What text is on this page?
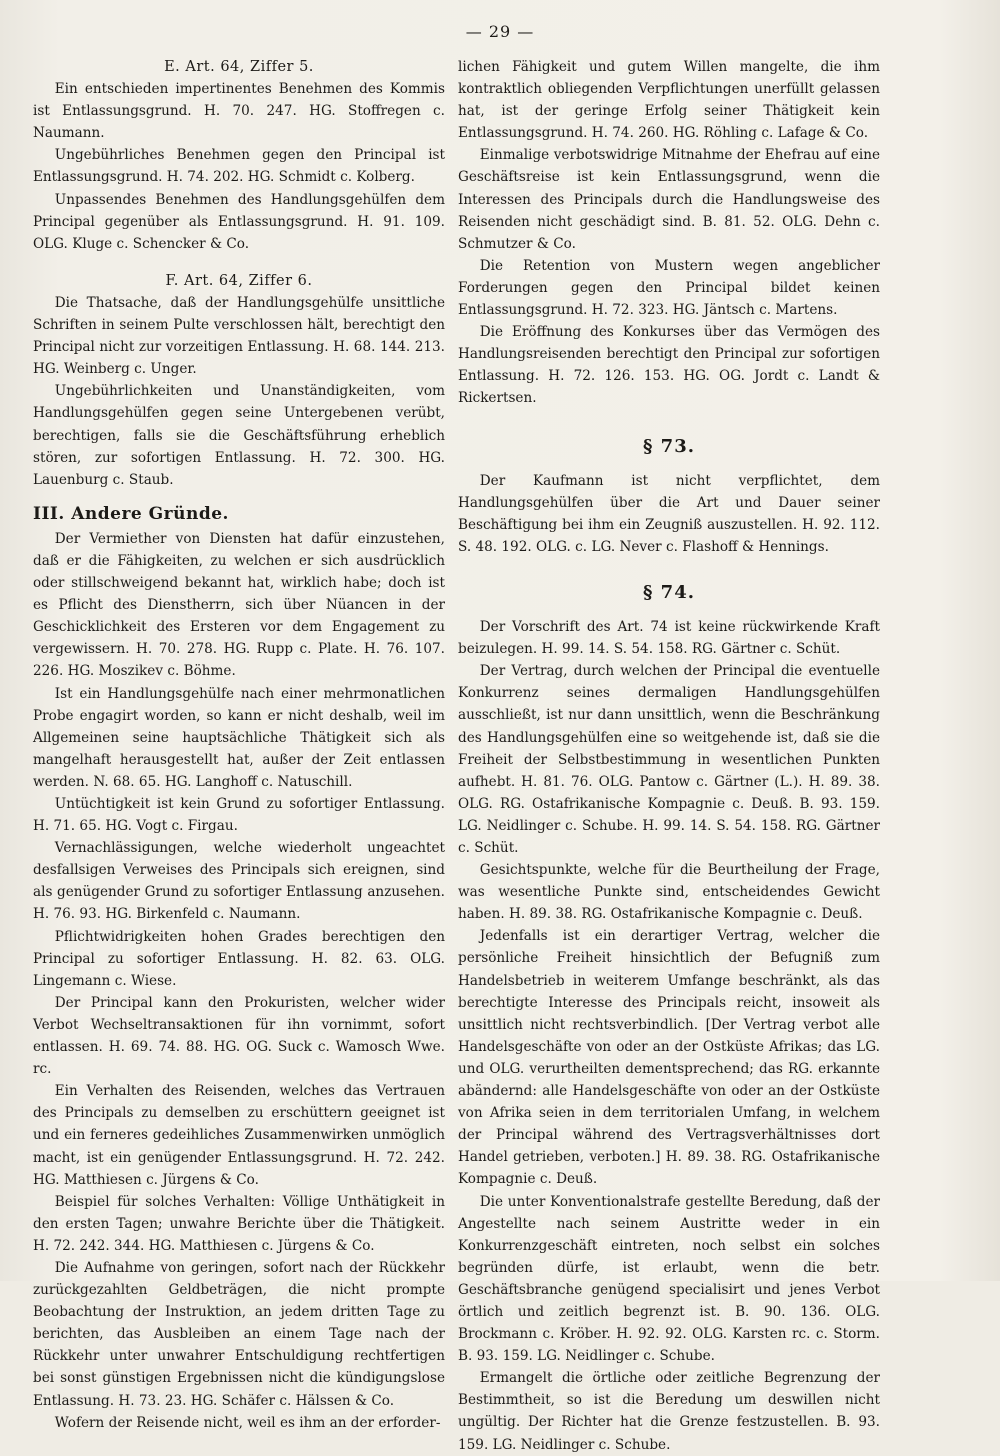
— 29 —
E. Art. 64, Ziffer 5.

Ein entschieden impertinentes Benehmen des Kommis ist Entlassungsgrund. H. 70. 247. HG. Stoffregen c. Naumann.

Ungebührliches Benehmen gegen den Principal ist Entlassungsgrund. H. 74. 202. HG. Schmidt c. Kolberg.

Unpassendes Benehmen des Handlungsgehülfen dem Principal gegenüber als Entlassungsgrund. H. 91. 109. OLG. Kluge c. Schencker & Co.

F. Art. 64, Ziffer 6.

Die Thatsache, daß der Handlungsgehülfe unsittliche Schriften in seinem Pulte verschlossen hält, berechtigt den Principal nicht zur vorzeitigen Entlassung. H. 68. 144. 213. HG. Weinberg c. Unger.

Ungebührlichkeiten und Unanständigkeiten, vom Handlungsgehülfen gegen seine Untergebenen verübt, berechtigen, falls sie die Geschäftsführung erheblich stören, zur sofortigen Entlassung. H. 72. 300. HG. Lauenburg c. Staub.

III. Andere Gründe.

Der Vermiether von Diensten hat dafür einzustehen, daß er die Fähigkeiten, zu welchen er sich ausdrücklich oder stillschweigend bekannt hat, wirklich habe; doch ist es Pflicht des Dienstherrn, sich über Nüancen in der Geschicklichkeit des Ersteren vor dem Engagement zu vergewissern. H. 70. 278. HG. Rupp c. Plate. H. 76. 107. 226. HG. Moszikev c. Böhme.

Ist ein Handlungsgehülfe nach einer mehrmonatlichen Probe engagirt worden, so kann er nicht deshalb, weil im Allgemeinen seine hauptsächliche Thätigkeit sich als mangelhaft herausgestellt hat, außer der Zeit entlassen werden. N. 68. 65. HG. Langhoff c. Natuschill.

Untüchtigkeit ist kein Grund zu sofortiger Entlassung. H. 71. 65. HG. Vogt c. Firgau.

Vernachlässigungen, welche wiederholt ungeachtet desfallsigen Verweises des Principals sich ereignen, sind als genügender Grund zu sofortiger Entlassung anzusehen. H. 76. 93. HG. Birkenfeld c. Naumann.

Pflichtwidrigkeiten hohen Grades berechtigen den Principal zu sofortiger Entlassung. H. 82. 63. OLG. Lingemann c. Wiese.

Der Principal kann den Prokuristen, welcher wider Verbot Wechseltransaktionen für ihn vornimmt, sofort entlassen. H. 69. 74. 88. HG. OG. Suck c. Wamosch Wwe. rc.

Ein Verhalten des Reisenden, welches das Vertrauen des Principals zu demselben zu erschüttern geeignet ist und ein ferneres gedeihliches Zusammenwirken unmöglich macht, ist ein genügender Entlassungsgrund. H. 72. 242. HG. Matthiesen c. Jürgens & Co.

Beispiel für solches Verhalten: Völlige Unthätigkeit in den ersten Tagen; unwahre Berichte über die Thätigkeit. H. 72. 242. 344. HG. Matthiesen c. Jürgens & Co.

Die Aufnahme von geringen, sofort nach der Rückkehr zurückgezahlten Geldbeträgen, die nicht prompte Beobachtung der Instruktion, an jedem dritten Tage zu berichten, das Ausbleiben an einem Tage nach der Rückkehr unter unwahrer Entschuldigung rechtfertigen bei sonst günstigen Ergebnissen nicht die kündigungslose Entlassung. H. 73. 23. HG. Schäfer c. Hälssen & Co.

Wofern der Reisende nicht, weil es ihm an der erforder-

lichen Fähigkeit und gutem Willen mangelte, die ihm kontraktlich obliegenden Verpflichtungen unerfüllt gelassen hat, ist der geringe Erfolg seiner Thätigkeit kein Entlassungsgrund. H. 74. 260. HG. Röhling c. Lafage & Co.

Einmalige verbotswidrige Mitnahme der Ehefrau auf eine Geschäftsreise ist kein Entlassungsgrund, wenn die Interessen des Principals durch die Handlungsweise des Reisenden nicht geschädigt sind. B. 81. 52. OLG. Dehn c. Schmutzer & Co.

Die Retention von Mustern wegen angeblicher Forderungen gegen den Principal bildet keinen Entlassungsgrund. H. 72. 323. HG. Jäntsch c. Martens.

Die Eröffnung des Konkurses über das Vermögen des Handlungsreisenden berechtigt den Principal zur sofortigen Entlassung. H. 72. 126. 153. HG. OG. Jordt c. Landt & Rickertsen.

§ 73.

Der Kaufmann ist nicht verpflichtet, dem Handlungsgehülfen über die Art und Dauer seiner Beschäftigung bei ihm ein Zeugniß auszustellen. H. 92. 112. S. 48. 192. OLG. c. LG. Never c. Flashoff & Hennings.

§ 74.

Der Vorschrift des Art. 74 ist keine rückwirkende Kraft beizulegen. H. 99. 14. S. 54. 158. RG. Gärtner c. Schüt.

Der Vertrag, durch welchen der Principal die eventuelle Konkurrenz seines dermaligen Handlungsgehülfen ausschließt, ist nur dann unsittlich, wenn die Beschränkung des Handlungsgehülfen eine so weitgehende ist, daß sie die Freiheit der Selbstbestimmung in wesentlichen Punkten aufhebt. H. 81. 76. OLG. Pantow c. Gärtner (L.). H. 89. 38. OLG. RG. Ostafrikanische Kompagnie c. Deuß. B. 93. 159. LG. Neidlinger c. Schube. H. 99. 14. S. 54. 158. RG. Gärtner c. Schüt.

Gesichtspunkte, welche für die Beurtheilung der Frage, was wesentliche Punkte sind, entscheidendes Gewicht haben. H. 89. 38. RG. Ostafrikanische Kompagnie c. Deuß.

Jedenfalls ist ein derartiger Vertrag, welcher die persönliche Freiheit hinsichtlich der Befugniß zum Handelsbetrieb in weiterem Umfange beschränkt, als das berechtigte Interesse des Principals reicht, insoweit als unsittlich nicht rechtsverbindlich. [Der Vertrag verbot alle Handelsgeschäfte von oder an der Ostküste Afrikas; das LG. und OLG. verurtheilten dementsprechend; das RG. erkannte abändernd: alle Handelsgeschäfte von oder an der Ostküste von Afrika seien in dem territorialen Umfang, in welchem der Principal während des Vertragsverhältnisses dort Handel getrieben, verboten.] H. 89. 38. RG. Ostafrikanische Kompagnie c. Deuß.

Die unter Konventionalstrafe gestellte Beredung, daß der Angestellte nach seinem Austritte weder in ein Konkurrenzgeschäft eintreten, noch selbst ein solches begründen dürfe, ist erlaubt, wenn die betr. Geschäftsbranche genügend specialisirt und jenes Verbot örtlich und zeitlich begrenzt ist. B. 90. 136. OLG. Brockmann c. Kröber. H. 92. 92. OLG. Karsten rc. c. Storm. B. 93. 159. LG. Neidlinger c. Schube.

Ermangelt die örtliche oder zeitliche Begrenzung der Bestimmtheit, so ist die Beredung um deswillen nicht ungültig. Der Richter hat die Grenze festzustellen. B. 93. 159. LG. Neidlinger c. Schube.
